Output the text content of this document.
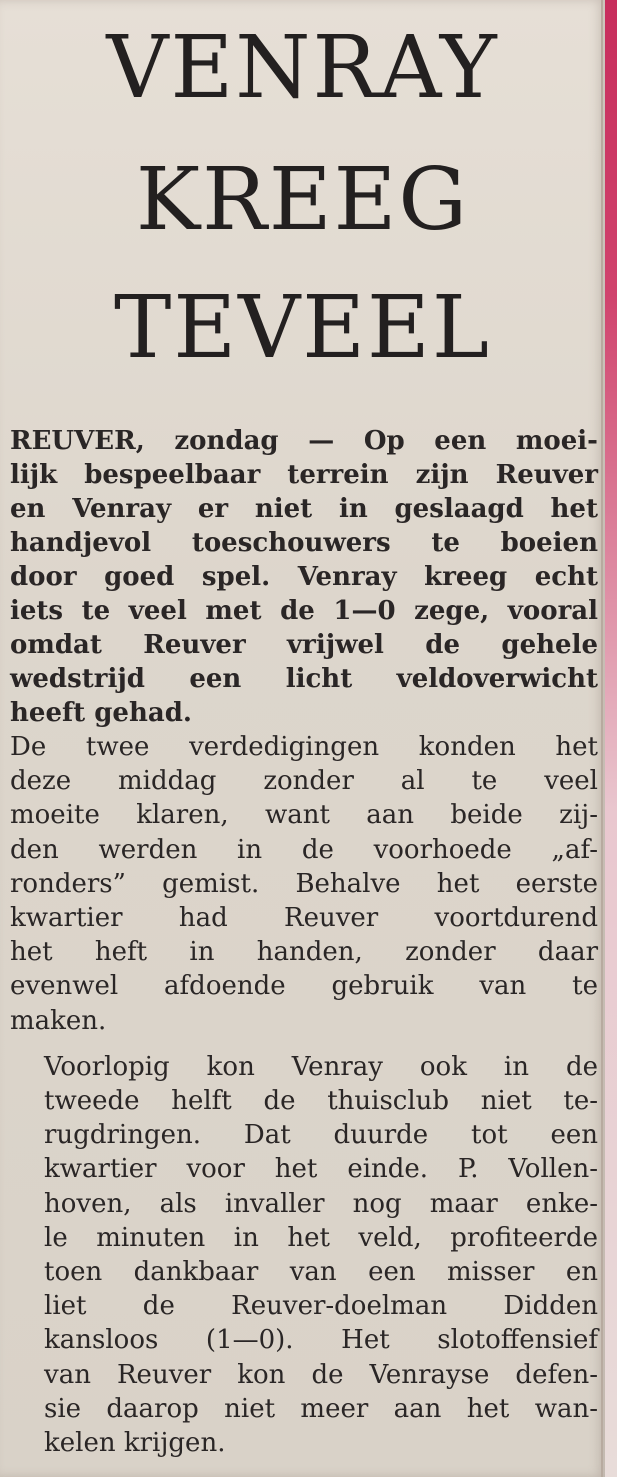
VENRAY
KREEG
TEVEEL

REUVER, zondag — Op een moei-
lijk bespeelbaar terrein zijn Reuver
en Venray er niet in geslaagd het
handjevol toeschouwers te boeien
door goed spel. Venray kreeg echt
iets te veel met de 1—0 zege, vooral
omdat Reuver vrijwel de gehele
wedstrijd een licht veldoverwicht
heeft gehad.

De twee verdedigingen konden het
deze middag zonder al te veel
moeite klaren, want aan beide zij-
den werden in de voorhoede „af-
ronders” gemist. Behalve het eerste
kwartier had Reuver voortdurend
het heft in handen, zonder daar
evenwel afdoende gebruik van te
maken.

Voorlopig kon Venray ook in de
tweede helft de thuisclub niet te-
rugdringen. Dat duurde tot een
kwartier voor het einde. P. Vollen-
hoven, als invaller nog maar enke-
le minuten in het veld, profiteerde
toen dankbaar van een misser en
liet de Reuver-doelman Didden
kansloos (1—0). Het slotoffensief
van Reuver kon de Venrayse defen-
sie daarop niet meer aan het wan-
kelen krijgen.
